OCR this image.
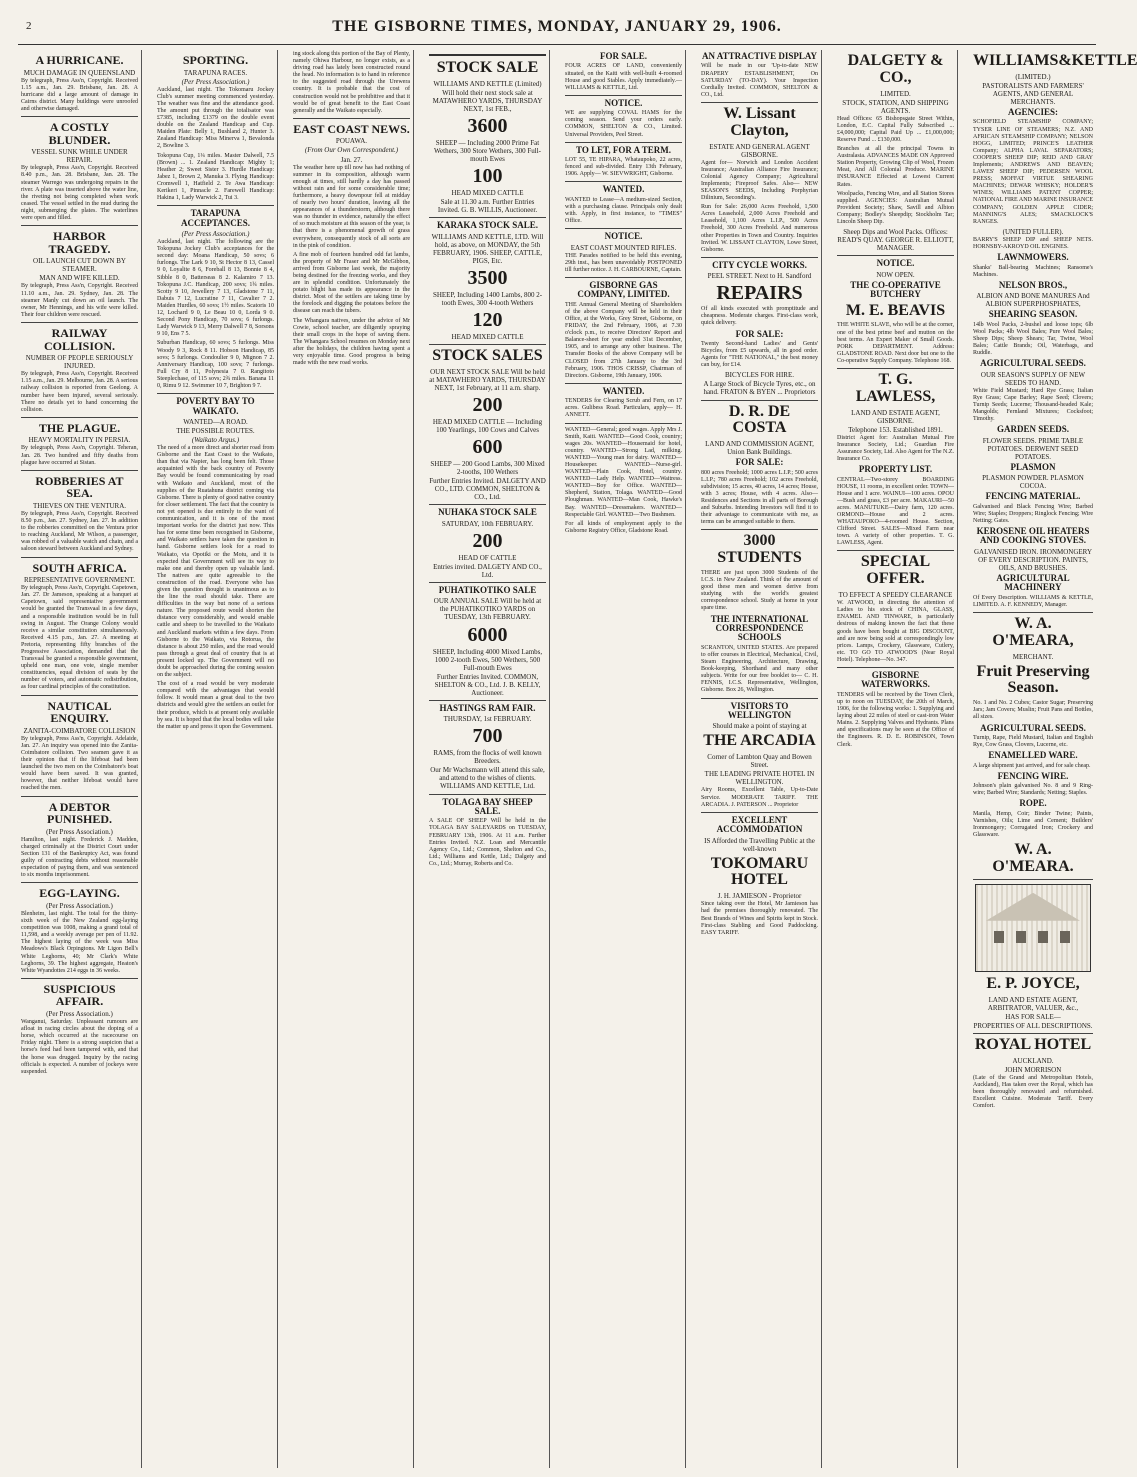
2	THE GISBORNE TIMES, MONDAY, JANUARY 29, 1906.
A HURRICANE.
MUCH DAMAGE IN QUEENSLAND
By telegraph, Press Ass'n, Copyright. Received 1.15 a.m., Jan. 29. Brisbane, Jan. 28. A hurricane did a large amount of damage in Cairns district. Many buildings were unroofed and otherwise damaged.
A COSTLY BLUNDER.
VESSEL SUNK WHILE UNDER REPAIR.
By telegraph, Press Ass'n, Copyright. Received 8.40 p.m., Jan. 28. Brisbane, Jan. 28. The steamer Warrego was undergoing repairs in the river. A plate was inserted above the water line, the riveting not being completed when work ceased. The vessel settled in the mud during the night, submerging the plates. The waterlines were open and filled.
HARBOR TRAGEDY.
OIL LAUNCH CUT DOWN BY STEAMER.
MAN AND WIFE KILLED.
By telegraph, Press Ass'n, Copyright. Received 11.10 a.m., Jan. 29. Sydney, Jan. 28. The steamer Manly cut down an oil launch. The owner, Mr Hennings, and his wife were killed. Their four children were rescued.
RAILWAY COLLISION.
NUMBER OF PEOPLE SERIOUSLY INJURED.
By telegraph, Press Ass'n, Copyright. Received 1.15 a.m., Jan. 29. Melbourne, Jan. 28. A serious railway collision is reported from Geelong. A number have been injured, several seriously. There no details yet to hand concerning the collision.
THE PLAGUE.
HEAVY MORTALITY IN PERSIA.
By telegraph, Press Ass'n, Copyright. Teheran, Jan. 28. Two hundred and fifty deaths from plague have occurred at Sistan.
ROBBERIES AT SEA.
THIEVES ON THE VENTURA.
By telegraph, Press Ass'n, Copyright. Received 8.50 p.m., Jan. 27. Sydney, Jan. 27. In addition to the robberies committed on the Ventura prior to reaching Auckland, Mr Wilson, a passenger, was robbed of a valuable watch and chain, and a saloon steward between Auckland and Sydney.
SOUTH AFRICA.
REPRESENTATIVE GOVERNMENT.
By telegraph, Press Ass'n, Copyright. Capetown, Jan. 27. Dr Jameson, speaking at a banquet at Capetown, said representative government would be granted the Transvaal in a few days, and a responsible institution would be in full swing in August. The Orange Colony would receive a similar constitution simultaneously. Received 4.15 p.m., Jan. 27. A meeting at Pretoria, representing fifty branches of the Progressive Association, demanded that the Transvaal be granted a responsible government, upheld one man, one vote, single member constituencies, equal division of seats by the number of voters, and automatic redistribution, as four cardinal principles of the constitution.
NAUTICAL ENQUIRY.
ZANITA-COIMBATORE COLLISION
By telegraph, Press Ass'n, Copyright. Adelaide, Jan. 27. An inquiry was opened into the Zanita-Coimbatore collision. Two seamen gave it as their opinion that if the lifeboat had been launched the two men on the Coimbatore's boat would have been saved. It was granted, however, that neither lifeboat would have reached the men.
A DEBTOR PUNISHED.
(Per Press Association.)
Hamilton, last night. Frederick J. Madden, charged criminally at the District Court under Section 131 of the Bankruptcy Act, was found guilty of contracting debts without reasonable expectation of paying them, and was sentenced to six months imprisonment.
EGG-LAYING.
(Per Press Association.)
Blenheim, last night. The total for the thirty-sixth week of the New Zealand egg-laying competition was 1008, making a grand total of 11,598, and a weekly average per pen of 11.92. The highest laying of the week was Miss Meadows's Black Orpingtons. Mr Ligon Bell's White Leghorns, 40; Mr Clark's White Leghorns, 39. The highest aggregate, Heaton's White Wyandottes 214 eggs in 36 weeks.
SUSPICIOUS AFFAIR.
(Per Press Association.)
Wanganui, Saturday. Unpleasant rumours are afloat in racing circles about the doping of a horse, which occurred at the racecourse on Friday night. There is a strong suspicion that a horse's feed had been tampered with, and that the horse was drugged. Inquiry by the racing officials is expected. A number of jockeys were suspended.
SPORTING.
TARAPUNA RACES.
(Per Press Association.)
Auckland, last night. The Tokomaru Jockey Club's summer meeting commenced yesterday. The weather was fine and the attendance good. The amount put through the totalisator was £7385, including £1379 on the double event double on the Zealand Handicap and Cup. Maiden Plate: Belly 1, Bushland 2, Hunter 3. Zealand Handicap: Miss Minerva 1, Bevalonda 2, Bowline 3.
Tokopuna Cup, 1¼ miles. Master Dalwell, 7.5 (Brown) ... 1. Zealand Handicap: Mighty 1; Heather 2; Sweet Sister 3. Hurdle Handicap: Jabez 1, Brown 2, Manuka 3. Flying Handicap: Cromwell 1, Hatfield 2. Te Awa Handicap: Kerikeri 1, Pinnacle 2. Farewell Handicap: Hakina 1, Lady Warwick 2, Tui 3.
TARAPUNA ACCEPTANCES.
(Per Press Association.)
Auckland, last night. The following are the Tokopuna Jockey Club's acceptances for the second day: Moana Handicap, 50 sovs; 6 furlongs. The Lark 9 10, St Hector 8 13, Cassel 9 0, Loyalite 8 6, Foreball 8 13, Bonnie 8 4, Sibble 8 0, Batterseas 8 2. Kalamiro 7 13. Tokopuna J.C. Handicap, 200 sovs; 1¾ miles. Scotty 9 10, Jewellery 7 13, Gladstone 7 11, Dabuis 7 12, Lucratine 7 11, Cavalier 7 2. Maiden Hurdles, 60 sovs; 1½ miles. Scatoris 10 12, Lochard 9 0, Le Beau 10 0, Lorda 9 0. Second Pony Handicap, 70 sovs; 6 furlongs. Lady Warwick 9 13, Merry Dalwell 7 8, Sorsons 9 10, Ens 7 5.
Suburban Handicap, 60 sovs; 5 furlongs. Miss Woody 9 3, Rock 8 11. Hobson Handicap, 85 sovs; 5 furlongs. Condoulier 9 0, Mignon 7 2. Anniversary Handicap, 100 sovs; 7 furlongs. Full Cry 8 11, Polynesia 7 0. Rangitoto Steeplechase, of 115 sovs; 2¾ miles. Banana 11 0, Rimu 9 12. Swimmer 10 7, Brighton 9 7.
POVERTY BAY TO WAIKATO.
WANTED—A ROAD.
THE POSSIBLE ROUTES.
(Waikato Argus.)
The need of a more direct and shorter road from Gisborne and the East Coast to the Waikato, than that via Napier, has long been felt. Those acquainted with the back country of Poverty Bay would be found communicating by road with Waikato and Auckland, most of the supplies of the Ruatahuna district coming via Gisborne. There is plenty of good native country for closer settlement. The fact that the country is not yet opened is due entirely to the want of communication, and it is one of the most important works for the district just now. This has for some time been recognised in Gisborne, and Waikato settlers have taken the question in hand. Gisborne settlers look for a road to Waikato, via Opotiki or the Motu, and it is expected that Government will see its way to make one and thereby open up valuable land. The natives are quite agreeable to the construction of the road. Everyone who has given the question thought is unanimous as to the line the road should take. There are difficulties in the way but none of a serious nature. The proposed route would shorten the distance very considerably, and would enable cattle and sheep to be travelled to the Waikato and Auckland markets within a few days. From Gisborne to the Waikato, via Rotorua, the distance is about 250 miles, and the road would pass through a great deal of country that is at present locked up. The Government will no doubt be approached during the coming session on the subject.
The cost of a road would be very moderate compared with the advantages that would follow. It would mean a great deal to the two districts and would give the settlers an outlet for their produce, which is at present only available by sea. It is hoped that the local bodies will take the matter up and press it upon the Government.
ing stock along this portion of the Bay of Plenty, namely Ohiwa Harbour, no longer exists, as a driving road has lately been constructed round the head. No information is to hand in reference to the suggested road through the Urewera country. It is probable that the cost of construction would not be prohibitive and that it would be of great benefit to the East Coast generally and the Waikato especially.
EAST COAST NEWS.
POUAWA.
(From Our Own Correspondent.)
Jan. 27.
The weather here up till now has had nothing of summer in its composition, although warm enough at times, still hardly a day has passed without rain and for some considerable time; furthermore, a heavy downpour fell at midday of nearly two hours' duration, leaving all the appearances of a thunderstorm, although there was no thunder in evidence, naturally the effect of so much moisture at this season of the year, is that there is a phenomenal growth of grass everywhere, consequently stock of all sorts are in the pink of condition.
A fine mob of fourteen hundred odd fat lambs, the property of Mr Fraser and Mr McGibbon, arrived from Gisborne last week, the majority being destined for the freezing works, and they are in splendid condition. Unfortunately the potato blight has made its appearance in the district. Most of the settlers are taking time by the forelock and digging the potatoes before the disease can reach the tubers.
The Whangara natives, under the advice of Mr Cowie, school teacher, are diligently spraying their small crops in the hope of saving them. The Whangara School resumes on Monday next after the holidays, the children having spent a very enjoyable time. Good progress is being made with the new road works.
STOCK SALE
WILLIAMS AND KETTLE (Limited)
Will hold their next stock sale at MATAWHERO YARDS, THURSDAY NEXT, 1st FEB.,
3600
SHEEP — Including 2000 Prime Fat Wethers, 300 Store Wethers, 300 Full-mouth Ewes
100
HEAD MIXED CATTLE
Sale at 11.30 a.m. Further Entries Invited. G. B. WILLIS, Auctioneer.
KARAKA STOCK SALE.
WILLIAMS AND KETTLE, LTD. Will hold, as above, on MONDAY, the 5th FEBRUARY, 1906. SHEEP, CATTLE, PIGS, Etc.
3500
SHEEP, Including 1400 Lambs, 800 2-tooth Ewes, 300 4-tooth Wethers
120
HEAD MIXED CATTLE
STOCK SALES
OUR NEXT STOCK SALE Will be held at MATAWHERO YARDS, THURSDAY NEXT, 1st February, at 11 a.m. sharp.
200
HEAD MIXED CATTLE — Including 100 Yearlings, 100 Cows and Calves
600
SHEEP — 200 Good Lambs, 300 Mixed 2-tooths, 100 Wethers
Further Entries Invited. DALGETY AND CO., LTD. COMMON, SHELTON & CO., Ltd.
NUHAKA STOCK SALE
SATURDAY, 10th FEBRUARY.
200
HEAD OF CATTLE
Entries invited. DALGETY AND CO., Ltd.
PUHATIKOTIKO SALE
OUR ANNUAL SALE Will be held at the PUHATIKOTIKO YARDS on TUESDAY, 13th FEBRUARY.
6000
SHEEP, Including 4000 Mixed Lambs, 1000 2-tooth Ewes, 500 Wethers, 500 Full-mouth Ewes
Further Entries Invited. COMMON, SHELTON & CO., Ltd. J. B. KELLY, Auctioneer.
HASTINGS RAM FAIR.
THURSDAY, 1st FEBRUARY.
700
RAMS, from the flocks of well known Breeders.
Our Mr Wachsmann will attend this sale, and attend to the wishes of clients. WILLIAMS AND KETTLE, Ltd.
TOLAGA BAY SHEEP SALE.
A SALE OF SHEEP Will be held in the TOLAGA BAY SALEYARDS on TUESDAY, FEBRUARY 13th, 1906. At 11 a.m. Further Entries Invited. N.Z. Loan and Mercantile Agency Co., Ltd.; Common, Shelton and Co., Ltd.; Williams and Kettle, Ltd.; Dalgety and Co., Ltd.; Murray, Roberts and Co.
FOR SALE.
FOUR ACRES OF LAND, conveniently situated, on the Kaiti with well-built 4-roomed House and good Stables. Apply immediately.— WILLIAMS & KETTLE, Ltd.
NOTICE.
WE are supplying COVAL HAMS for the coming season. Send your orders early. COMMON, SHELTON & CO., Limited. Universal Providers, Peel Street.
TO LET, FOR A TERM.
LOT 55, TE HIPARA, Whataupoko, 22 acres, fenced and sub-divided. Entry 13th February, 1906. Apply— W. SIEVWRIGHT, Gisborne.
WANTED.
WANTED to Lease—A medium-sized Section, with a purchasing clause. Principals only dealt with. Apply, in first instance, to "TIMES" Office.
NOTICE.
EAST COAST MOUNTED RIFLES.
THE Parades notified to be held this evening, 29th inst., has been unavoidably POSTPONED till further notice. J. H. CARBOURNE, Captain.
GISBORNE GAS COMPANY, LIMITED.
THE Annual General Meeting of Shareholders of the above Company will be held in their Office, at the Works, Grey Street, Gisborne, on FRIDAY, the 2nd February, 1906, at 7.30 o'clock p.m., to receive Directors' Report and Balance-sheet for year ended 31st December, 1905, and to arrange any other business. The Transfer Books of the above Company will be CLOSED from 27th January to the 3rd February, 1906. THOS CRISSP, Chairman of Directors. Gisborne, 19th January, 1906.
WANTED.
TENDERS for Clearing Scrub and Fern, on 17 acres. Gulibess Road. Particulars, apply— H. ANNETT.
WANTED—General; good wages. Apply Mrs J. Smith, Kaiti. WANTED—Good Cook, country; wages 20s. WANTED—Housemaid for hotel, country. WANTED—Strong Lad, milking. WANTED—Young man for dairy. WANTED—Housekeeper. WANTED—Nurse-girl. WANTED—Plain Cook, Hotel, country. WANTED—Lady Help. WANTED—Waitress. WANTED—Boy for Office. WANTED—Shepherd, Station, Tolaga. WANTED—Good Ploughman. WANTED—Man Cook, Hawke's Bay. WANTED—Dressmakers. WANTED—Respectable Girl. WANTED—Two Bushmen.
For all kinds of employment apply to the Gisborne Registry Office, Gladstone Road.
AN ATTRACTIVE DISPLAY
Will be made in our 'Up-to-date NEW DRAPERY ESTABLISHMENT, On SATURDAY (TO-DAY). Your Inspection Cordially Invited. COMMON, SHELTON & CO., Ltd.
W. Lissant Clayton,
ESTATE AND GENERAL AGENT GISBORNE.
Agent for— Norwich and London Accident Insurance; Australian Alliance Fire Insurance; Colonial Agency Company; Agricultural Implements; Fireproof Safes. Also— NEW SEASON'S SEEDS, Including Porphyrian Dilinium, Seconding's.
Run for Sale: 26,000 Acres Freehold, 1,500 Acres Leasehold, 2,000 Acres Freehold and Leasehold, 1,100 Acres L.I.P., 500 Acres Freehold, 300 Acres Freehold. And numerous other Properties in Town and Country. Inquiries Invited. W. LISSANT CLAYTON, Lowe Street, Gisborne.
CITY CYCLE WORKS.
PEEL STREET. Next to H. Sandford
REPAIRS
Of all kinds executed with promptitude and cheapness. Moderate charges. First-class work, quick delivery.
FOR SALE:
Twenty Second-hand Ladies' and Gents' Bicycles, from £5 upwards, all in good order. Agents for "THE NATIONAL," the best money can buy, for £14.
BICYCLES FOR HIRE.
A Large Stock of Bicycle Tyres, etc., on hand. FRATON & BYEN ... Proprietors
D. R. DE COSTA
LAND AND COMMISSION AGENT, Union Bank Buildings.
FOR SALE:
800 acres Freehold; 1000 acres L.I.P.; 500 acres L.I.P.; 780 acres Freehold; 102 acres Freehold, subdivision; 15 acres, 40 acres, 14 acres; House, with 3 acres; House, with 4 acres. Also— Residences and Sections in all parts of Borough and Suburbs. Intending Investors will find it to their advantage to communicate with me, as terms can be arranged suitable to them.
3000 STUDENTS
THERE are just upon 3000 Students of the I.C.S. in New Zealand. Think of the amount of good these men and women derive from studying with the world's greatest correspondence school. Study at home in your spare time.
THE INTERNATIONAL CORRESPONDENCE SCHOOLS
SCRANTON, UNITED STATES. Are prepared to offer courses in Electrical, Mechanical, Civil, Steam Engineering, Architecture, Drawing, Book-keeping, Shorthand and many other subjects. Write for our free booklet to— C. H. FENNIS, I.C.S. Representative, Wellington, Gisborne. Box 26, Wellington.
VISITORS TO WELLINGTON
Should make a point of staying at
THE ARCADIA
Corner of Lambton Quay and Bowen Street.
THE LEADING PRIVATE HOTEL IN WELLINGTON.
Airy Rooms, Excellent Table, Up-to-Date Service. MODERATE TARIFF. THE ARCADIA. J. PATERSON ... Proprietor
EXCELLENT ACCOMMODATION
IS Afforded the Travelling Public at the well-known
TOKOMARU HOTEL
J. H. JAMIESON - Proprietor
Since taking over the Hotel, Mr Jamieson has had the premises thoroughly renovated. The Best Brands of Wines and Spirits kept in Stock. First-class Stabling and Good Paddocking. EASY TARIFF.
DALGETY & CO.,
LIMITED.
STOCK, STATION, AND SHIPPING AGENTS.
Head Offices: 65 Bishopsgate Street Within, London, E.C. Capital Fully Subscribed ... £4,000,000; Capital Paid Up ... £1,000,000; Reserve Fund ... £130,000.
Branches at all the principal Towns in Australasia. ADVANCES MADE ON Approved Station Property, Growing Clip of Wool, Frozen Meat, And All Colonial Produce. MARINE INSURANCE Effected at Lowest Current Rates.
Woolpacks, Fencing Wire, and all Station Stores supplied. AGENCIES: Australian Mutual Provident Society; Shaw, Savill and Albion Company; Bodley's Sheepdip; Stockholm Tar; Lincoln Sheep Dip.
Sheep Dips and Wool Packs. Offices: READ'S QUAY. GEORGE R. ELLIOTT, MANAGER.
NOTICE.
NOW OPEN.
THE CO-OPERATIVE BUTCHERY
M. E. BEAVIS
THE WHITE SLAVE, who will be at the corner, one of the best prime beef and mutton on the best terms. An Expert Maker of Small Goods. PORK DEPARTMENT. Address: GLADSTONE ROAD. Next door but one to the Co-operative Supply Company. Telephone 168.
T. G. LAWLESS,
LAND AND ESTATE AGENT, GISBORNE.
Telephone 153. Established 1891.
District Agent for: Australian Mutual Fire Insurance Society, Ltd.; Guardian Fire Assurance Society, Ltd. Also Agent for The N.Z. Insurance Co.
PROPERTY LIST.
CENTRAL—Two-storey BOARDING HOUSE, 11 rooms, in excellent order. TOWN—House and 1 acre. WAINUI—100 acres. OPOU—Bush and grass, £3 per acre. MAKAURI—50 acres. MANUTUKE—Dairy farm, 120 acres. ORMOND—House and 2 acres. WHATAUPOKO—4-roomed House. Section, Clifford Street. SALES—Mixed Farm near town. A variety of other properties. T. G. LAWLESS, Agent.
SPECIAL OFFER.
TO EFFECT A SPEEDY CLEARANCE
W. ATWOOD, in directing the attention of Ladies to his stock of CHINA, GLASS, ENAMEL AND TINWARE, is particularly desirous of making known the fact that these goods have been bought at BIG DISCOUNT, and are now being sold at correspondingly low prices. Lamps, Crockery, Glassware, Cutlery, etc. TO GO TO ATWOOD'S (Near Royal Hotel). Telephone—No. 347.
GISBORNE WATERWORKS.
TENDERS will be received by the Town Clerk, up to noon on TUESDAY, the 20th of March, 1906, for the following works: 1. Supplying and laying about 22 miles of steel or cast-iron Water Mains. 2. Supplying Valves and Hydrants. Plans and specifications may be seen at the Office of the Engineers. R. D. E. ROBINSON, Town Clerk.
WILLIAMS&KETTLE
(LIMITED.)
PASTORALISTS AND FARMERS' AGENTS, AND GENERAL MERCHANTS.
AGENCIES:
SCHOFIELD STEAMSHIP COMPANY; TYSER LINE OF STEAMERS; N.Z. AND AFRICAN STEAMSHIP COMPANY; NELSON HOGG, LIMITED; PRINCE'S LEATHER Company; ALPHA LAVAL SEPARATORS; COOPER'S SHEEP DIP; REID AND GRAY Implements; ANDREWS AND BEAVEN; LAWES' SHEEP DIP; PEDERSEN WOOL PRESS; MOFFAT VIRTUE SHEARING MACHINES; DEWAR WHISKY; HOLDER'S WINES; WILLIAMS PATENT COPPER; NATIONAL FIRE AND MARINE INSURANCE COMPANY; GOLDEN APPLE CIDER; MANNING'S ALES; SMACKLOCK'S RANGES.
(UNITED FULLER).
BARRY'S SHEEP DIP and SHEEP NETS. HORNSBY-AKROYD OIL ENGINES.
LAWNMOWERS.
Shanks' Ball-bearing Machines; Ransome's Machines.
NELSON BROS.,
ALBION AND BONE MANURES And ALBION SUPERPHOSPHATES,
SHEARING SEASON.
14lb Wool Packs, 2-bushel and loose tops; 6lb Wool Packs; 4lb Wool Bales; Pure Wool Bales; Sheep Dips; Sheep Shears; Tar, Twine, Wool Bales; Cattle Brands; Oil, Waterbags, and Ruddle.
AGRICULTURAL SEEDS.
OUR SEASON'S SUPPLY OF NEW SEEDS TO HAND.
White Field Mustard; Hard Rye Grass; Italian Rye Grass; Cape Barley; Rape Seed; Clovers; Turnip Seeds; Lucerne; Thousand-headed Kale; Mangolds; Fernland Mixtures; Cocksfoot; Timothy.
GARDEN SEEDS.
FLOWER SEEDS. PRIME TABLE POTATOES. DERWENT SEED POTATOES.
PLASMON
PLASMON POWDER. PLASMON COCOA.
FENCING MATERIAL.
Galvanised and Black Fencing Wire; Barbed Wire; Staples; Droppers; Ringlock Fencing; Wire Netting; Gates.
KEROSENE OIL HEATERS AND COOKING STOVES.
GALVANISED IRON. IRONMONGERY OF EVERY DESCRIPTION. PAINTS, OILS, AND BRUSHES.
AGRICULTURAL MACHINERY
Of Every Description. WILLIAMS & KETTLE, LIMITED. A. F. KENNEDY, Manager.
W. A. O'MEARA,
MERCHANT.
Fruit Preserving Season.
No. 1 and No. 2 Cubes; Castor Sugar; Preserving Jars; Jam Covers; Muslin; Fruit Pans and Bottles, all sizes.
AGRICULTURAL SEEDS.
Turnip, Rape, Field Mustard, Italian and English Rye, Cow Grass, Clovers, Lucerne, etc.
ENAMELLED WARE.
A large shipment just arrived, and for sale cheap.
FENCING WIRE.
Johnson's plain galvanised No. 8 and 9 Ring-wire; Barbed Wire; Standards; Netting; Staples.
ROPE.
Manila, Hemp, Coir; Binder Twine; Paints, Varnishes, Oils; Lime and Cement; Builders' Ironmongery; Corrugated Iron; Crockery and Glassware.
W. A. O'MEARA.
E. P. JOYCE,
LAND AND ESTATE AGENT, ARBITRATOR, VALUER, &c.,
HAS FOR SALE—
PROPERTIES OF ALL DESCRIPTIONS.
ROYAL HOTEL
AUCKLAND.
JOHN MORRISON
(Late of the Grand and Metropolitan Hotels, Auckland), Has taken over the Royal, which has been thoroughly renovated and refurnished. Excellent Cuisine. Moderate Tariff. Every Comfort.
